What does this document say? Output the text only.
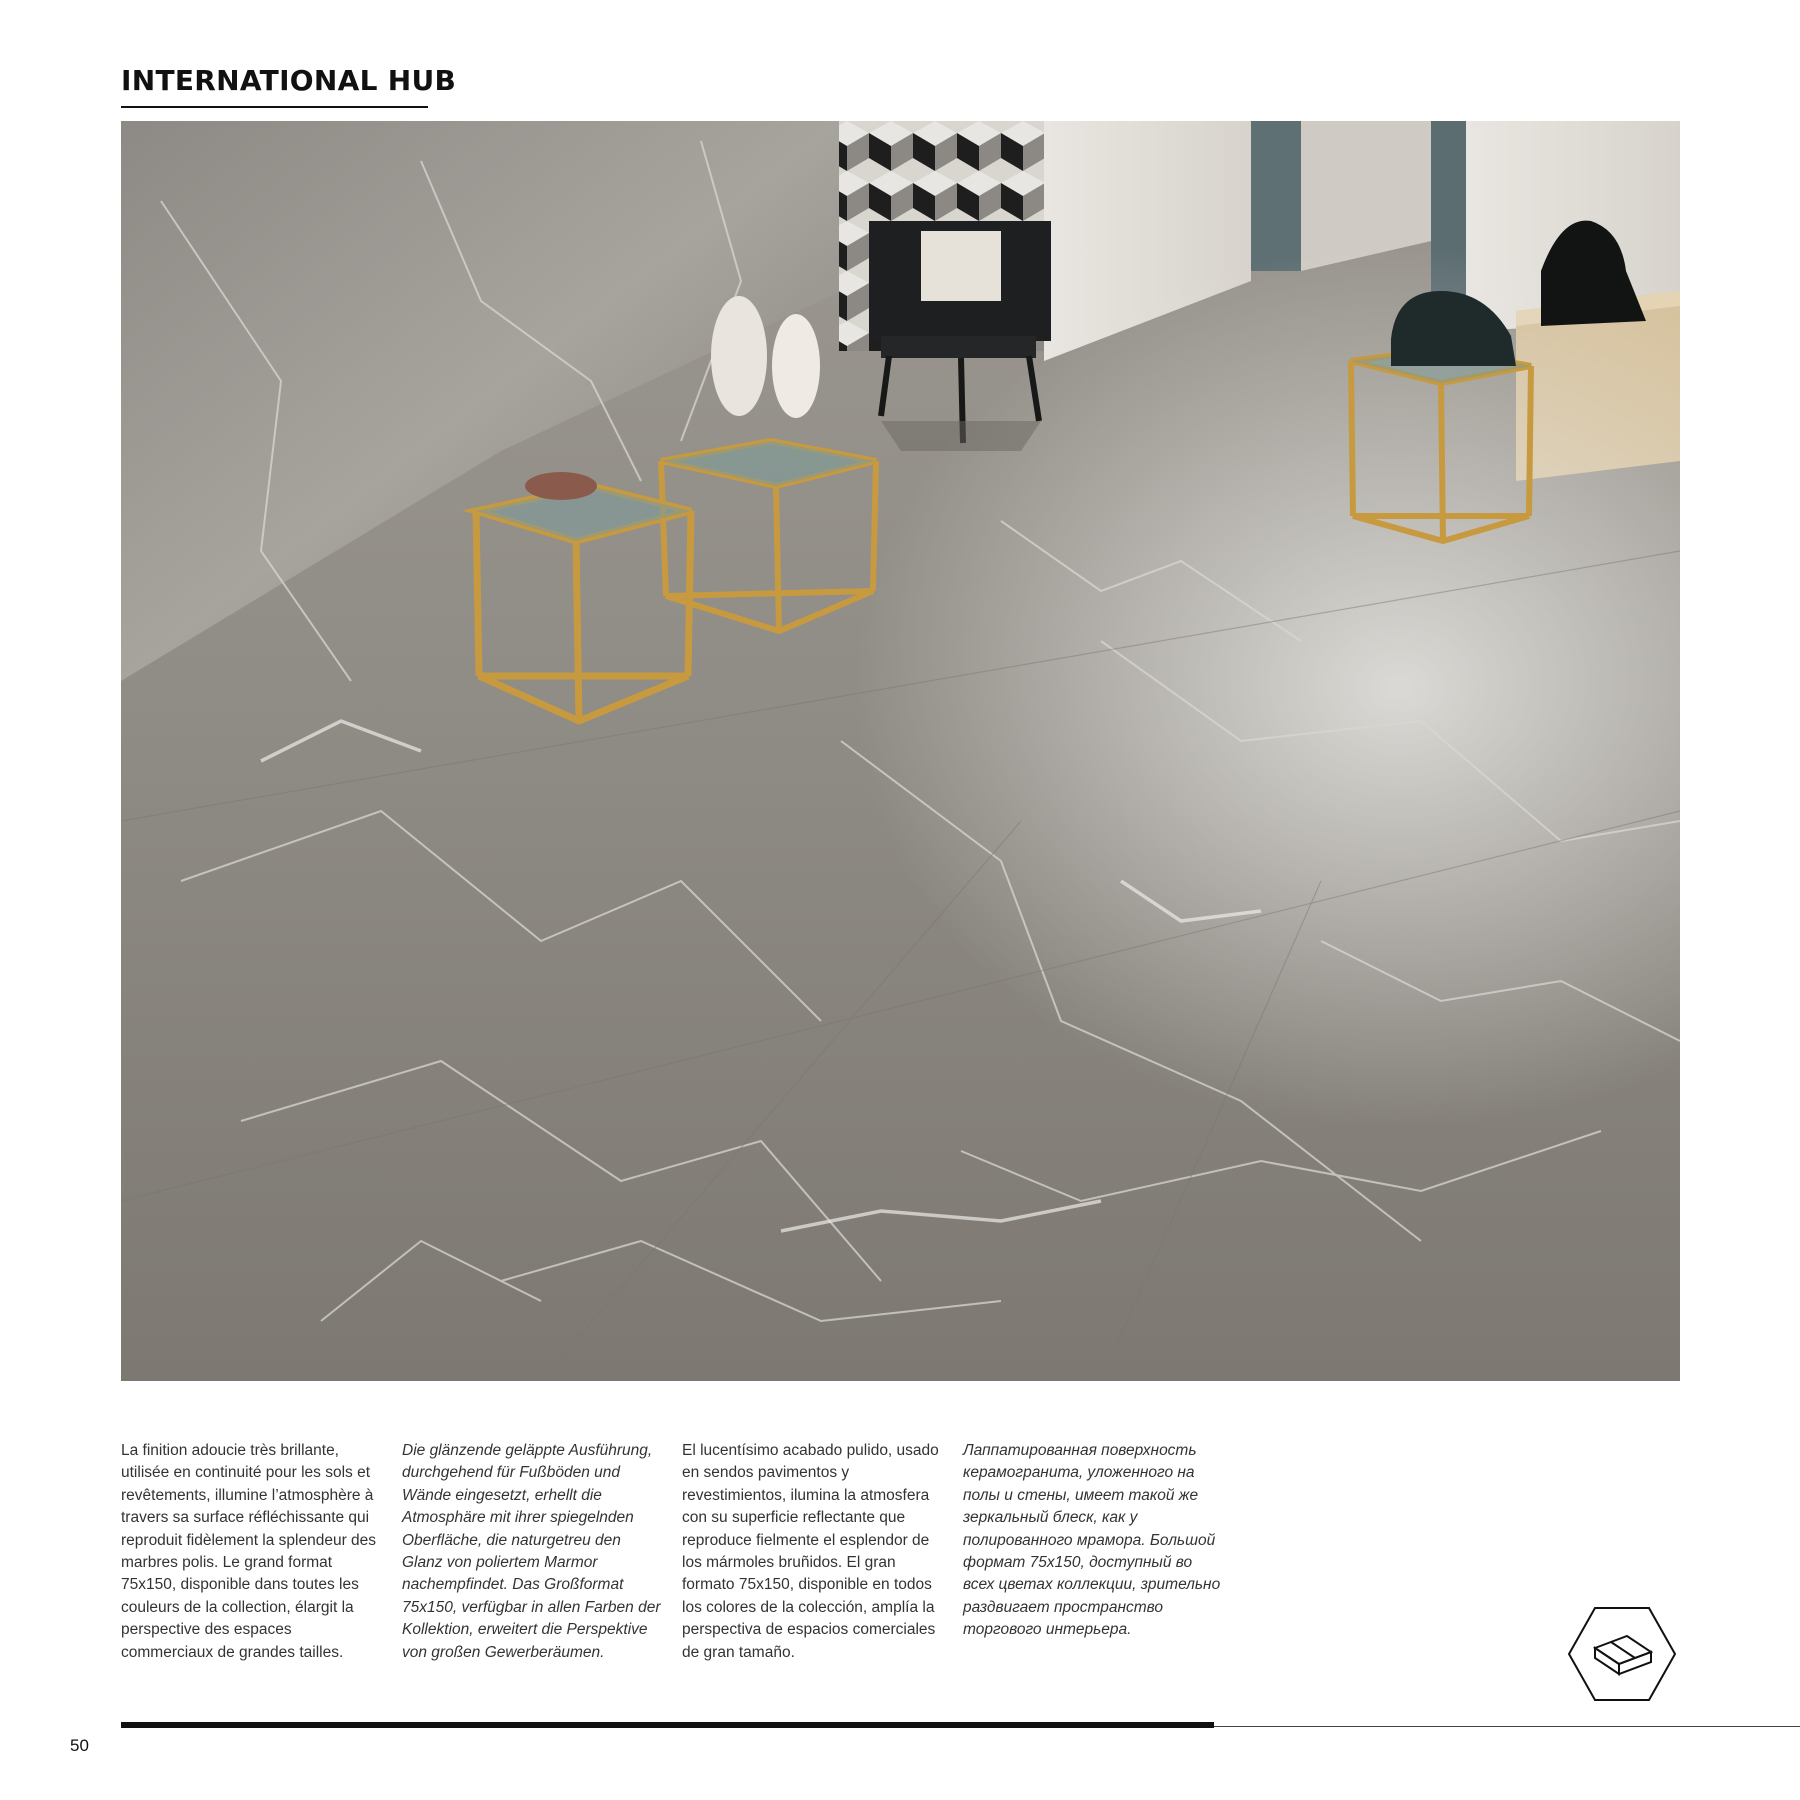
INTERNATIONAL HUB
La finition adoucie très brillante, utilisée en continuité pour les sols et revêtements, illumine l’atmosphère à travers sa surface réfléchissante qui reproduit fidèlement la splendeur des marbres polis. Le grand format 75x150, disponible dans toutes les couleurs de la collection, élargit la perspective des espaces commerciaux de grandes tailles.
Die glänzende geläppte Ausführung, durchgehend für Fußböden und Wände eingesetzt, erhellt die Atmosphäre mit ihrer spiegelnden Oberfläche, die naturgetreu den Glanz von poliertem Marmor nachempfindet. Das Großformat 75x150, verfügbar in allen Farben der Kollektion, erweitert die Perspektive von großen Gewerberäumen.
El lucentísimo acabado pulido, usado en sendos pavimentos y revestimientos, ilumina la atmosfera con su superficie reflectante que reproduce fielmente el esplendor de los mármoles bruñidos. El gran formato 75x150, disponible en todos los colores de la colección, amplía la perspectiva de espacios comerciales de gran tamaño.
Лаппатированная поверхность керамогранита, уложенного на полы и стены, имеет такой же зеркальный блеск, как у полированного мрамора. Большой формат 75x150, доступный во всех цветах коллекции, зрительно раздвигает пространство торгового интерьера.
50
